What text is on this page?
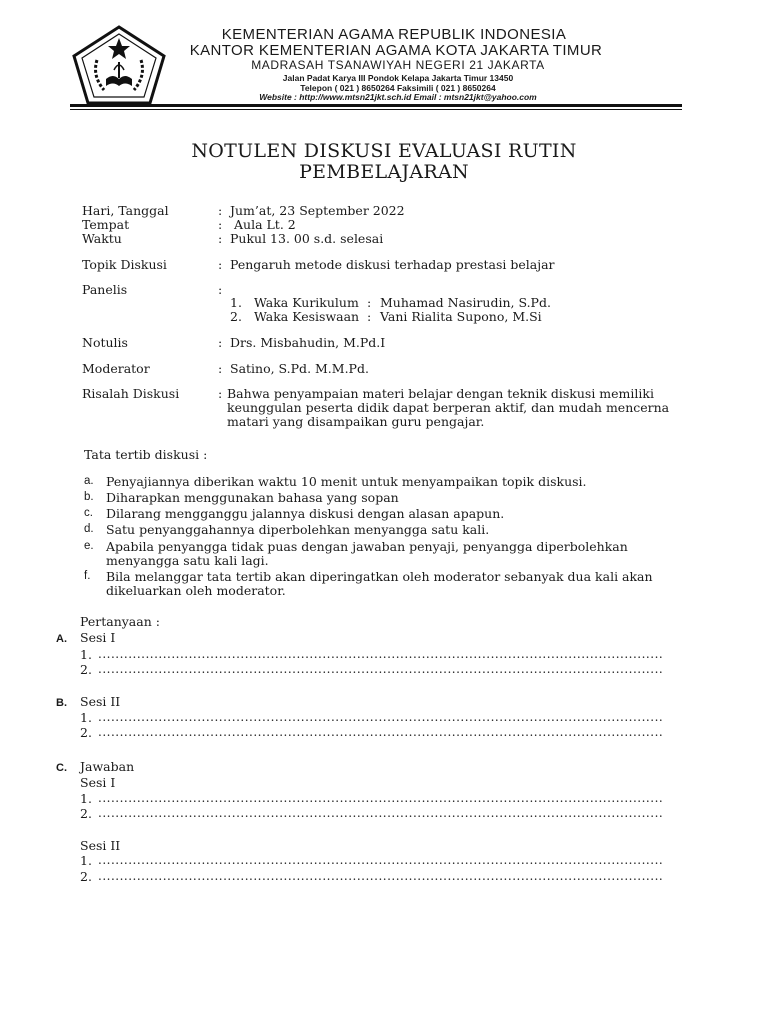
KEMENTERIAN AGAMA REPUBLIK INDONESIA
KANTOR KEMENTERIAN AGAMA KOTA JAKARTA TIMUR
MADRASAH TSANAWIYAH NEGERI 21 JAKARTA
Jalan Padat Karya III Pondok Kelapa Jakarta Timur 13450
Telepon ( 021 ) 8650264 Faksimili ( 021 ) 8650264
Website : http://www.mtsn21jkt.sch.id Email : mtsn21jkt@yahoo.com
NOTULEN DISKUSI EVALUASI RUTIN
PEMBELAJARAN
Hari, Tanggal	: Jum’at, 23 September 2022
Tempat	: Aula Lt. 2
Waktu	: Pukul 13. 00 s.d. selesai
Topik Diskusi	: Pengaruh metode diskusi terhadap prestasi belajar
Panelis	:
1. Waka Kurikulum : Muhamad Nasirudin, S.Pd.
2. Waka Kesiswaan : Vani Rialita Supono, M.Si
Notulis	: Drs. Misbahudin, M.Pd.I
Moderator	: Satino, S.Pd. M.M.Pd.
Risalah Diskusi	: Bahwa penyampaian materi belajar dengan teknik diskusi memiliki
keunggulan peserta didik dapat berperan aktif, dan mudah mencerna
matari yang disampaikan guru pengajar.
Tata tertib diskusi :
a. Penyajiannya diberikan waktu 10 menit untuk menyampaikan topik diskusi.
b. Diharapkan menggunakan bahasa yang sopan
c. Dilarang mengganggu jalannya diskusi dengan alasan apapun.
d. Satu penyanggahannya diperbolehkan menyangga satu kali.
e. Apabila penyangga tidak puas dengan jawaban penyaji, penyangga diperbolehkan
menyangga satu kali lagi.
f. Bila melanggar tata tertib akan diperingatkan oleh moderator sebanyak dua kali akan
dikeluarkan oleh moderator.
Pertanyaan :
A. Sesi I
1. ...................................................................................................................................
2. ...................................................................................................................................
B. Sesi II
1. ...................................................................................................................................
2. ...................................................................................................................................
C. Jawaban
Sesi I
1. ...................................................................................................................................
2. ...................................................................................................................................
Sesi II
1. ...................................................................................................................................
2. ...................................................................................................................................
